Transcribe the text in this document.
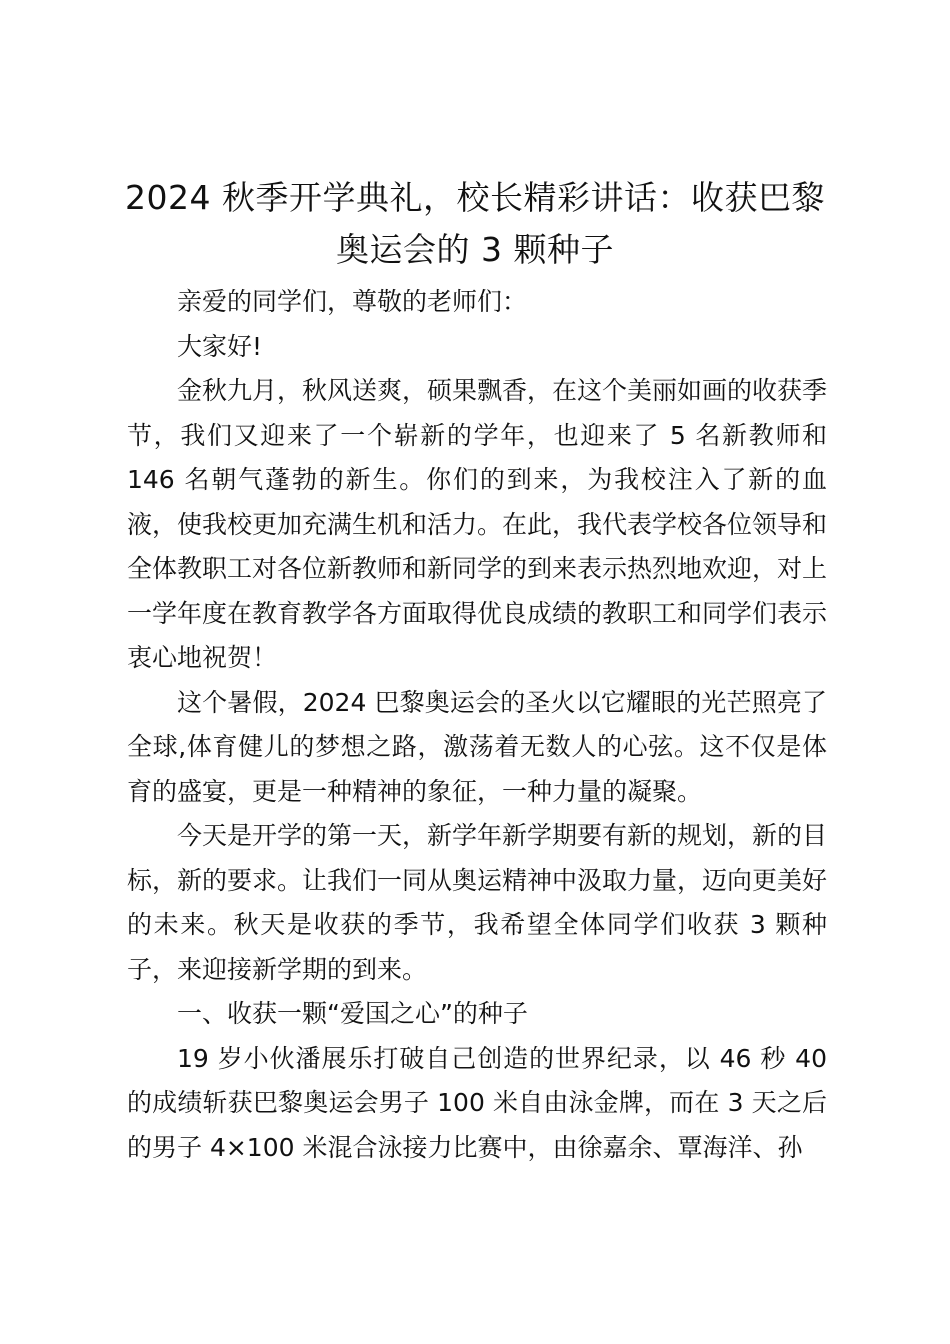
2024 秋季开学典礼，校长精彩讲话：收获巴黎奥运会的 3 颗种子

亲爱的同学们，尊敬的老师们：

大家好!

金秋九月，秋风送爽，硕果飘香，在这个美丽如画的收获季节，我们又迎来了一个崭新的学年，也迎来了 5 名新教师和 146 名朝气蓬勃的新生。你们的到来，为我校注入了新的血液，使我校更加充满生机和活力。在此，我代表学校各位领导和全体教职工对各位新教师和新同学的到来表示热烈地欢迎，对上一学年度在教育教学各方面取得优良成绩的教职工和同学们表示衷心地祝贺！

这个暑假，2024 巴黎奥运会的圣火以它耀眼的光芒照亮了全球,体育健儿的梦想之路，激荡着无数人的心弦。这不仅是体育的盛宴，更是一种精神的象征，一种力量的凝聚。

今天是开学的第一天，新学年新学期要有新的规划，新的目标，新的要求。让我们一同从奥运精神中汲取力量，迈向更美好的未来。秋天是收获的季节，我希望全体同学们收获 3 颗种子，来迎接新学期的到来。

一、收获一颗“爱国之心”的种子

19 岁小伙潘展乐打破自己创造的世界纪录，以 46 秒 40 的成绩斩获巴黎奥运会男子 100 米自由泳金牌，而在 3 天之后的男子 4×100 米混合泳接力比赛中，由徐嘉余、覃海洋、孙
